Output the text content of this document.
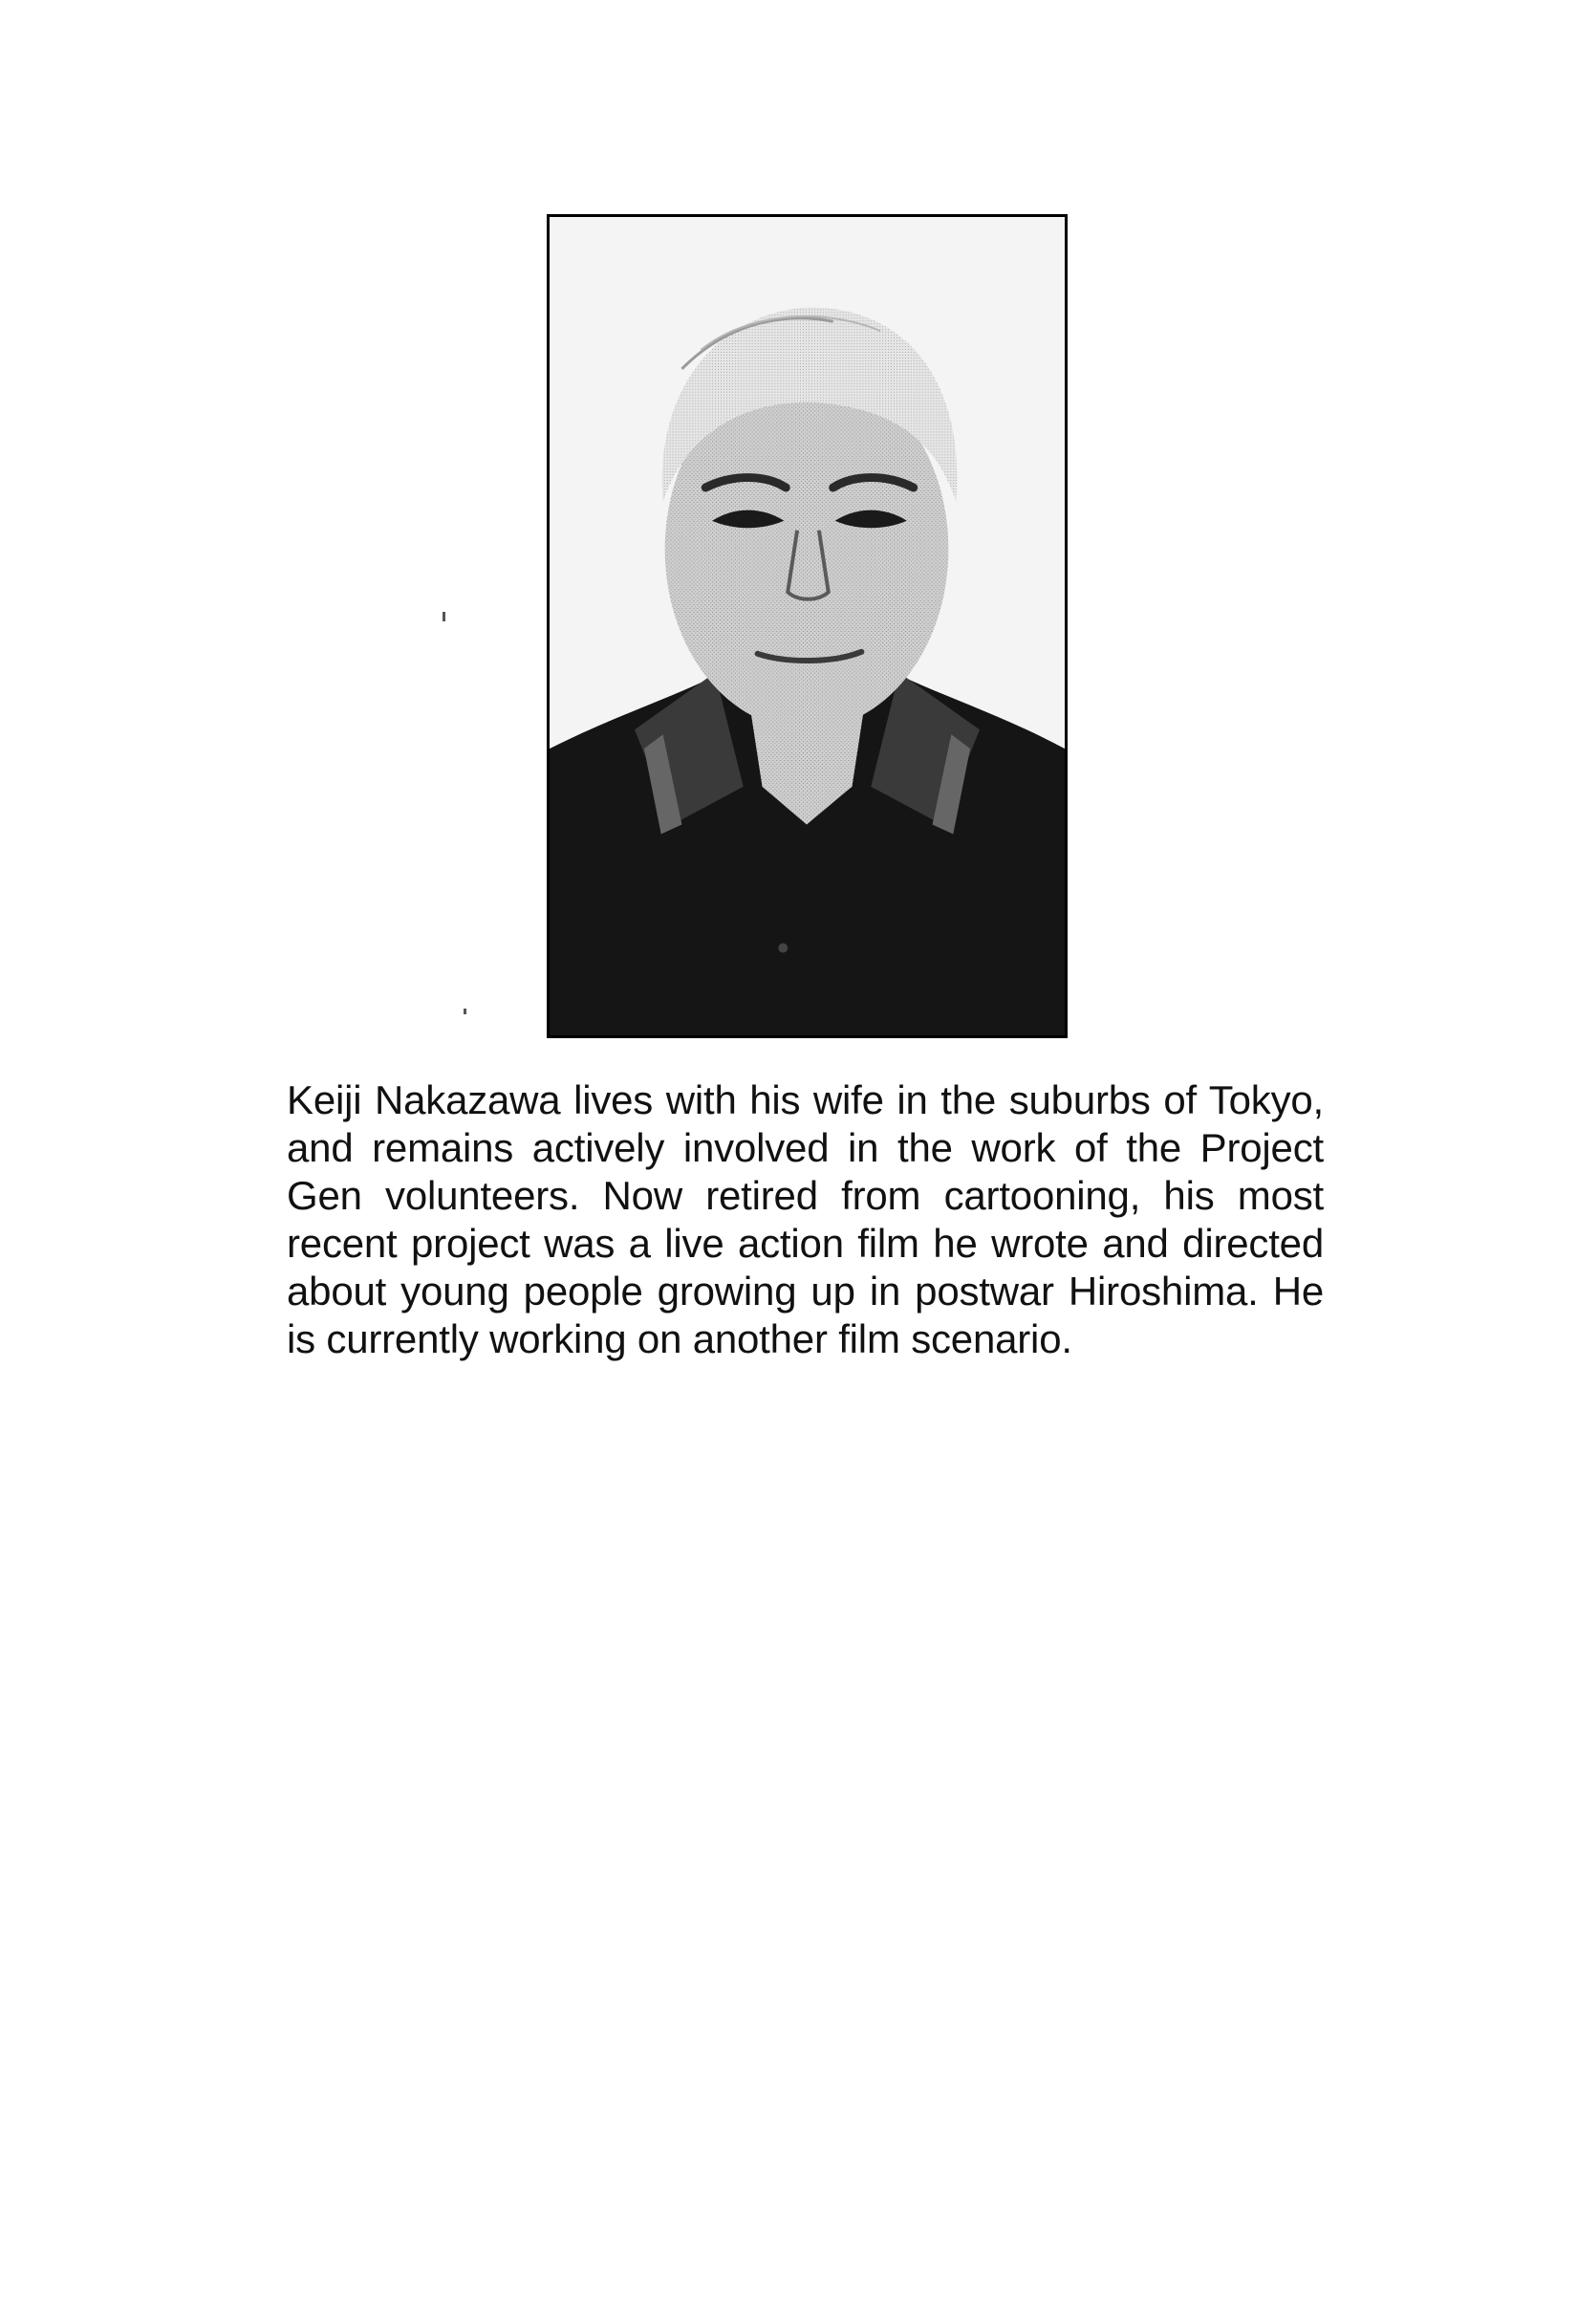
Keiji Nakazawa lives with his wife in the suburbs of Tokyo, and remains actively involved in the work of the Project Gen volunteers. Now retired from cartooning, his most recent project was a live action film he wrote and directed about young people growing up in postwar Hiroshima. He is currently working on another film scenario.
